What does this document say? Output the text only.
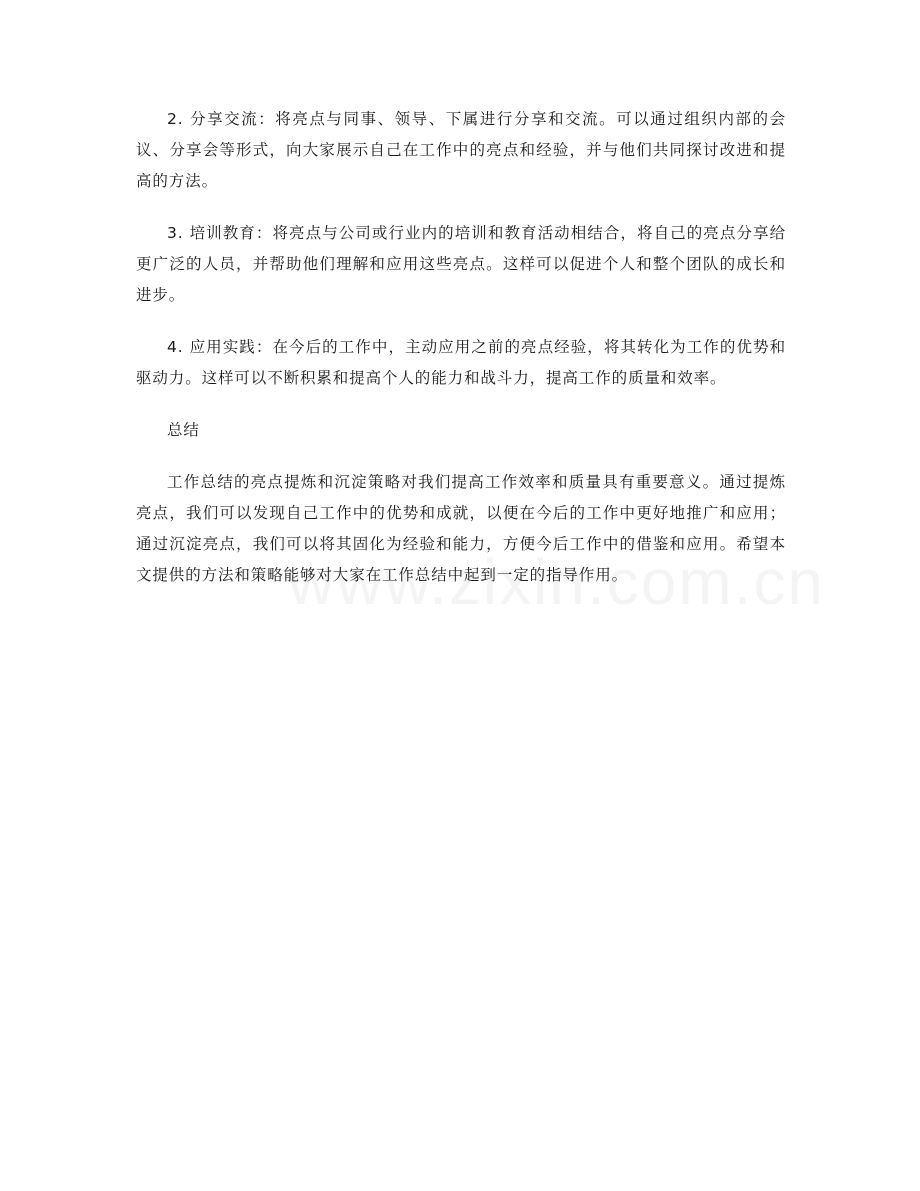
2. 分享交流：将亮点与同事、领导、下属进行分享和交流。可以通过组织内部的会议、分享会等形式，向大家展示自己在工作中的亮点和经验，并与他们共同探讨改进和提高的方法。

3. 培训教育：将亮点与公司或行业内的培训和教育活动相结合，将自己的亮点分享给更广泛的人员，并帮助他们理解和应用这些亮点。这样可以促进个人和整个团队的成长和进步。

4. 应用实践：在今后的工作中，主动应用之前的亮点经验，将其转化为工作的优势和驱动力。这样可以不断积累和提高个人的能力和战斗力，提高工作的质量和效率。

总结

工作总结的亮点提炼和沉淀策略对我们提高工作效率和质量具有重要意义。通过提炼亮点，我们可以发现自己工作中的优势和成就，以便在今后的工作中更好地推广和应用；通过沉淀亮点，我们可以将其固化为经验和能力，方便今后工作中的借鉴和应用。希望本文提供的方法和策略能够对大家在工作总结中起到一定的指导作用。
